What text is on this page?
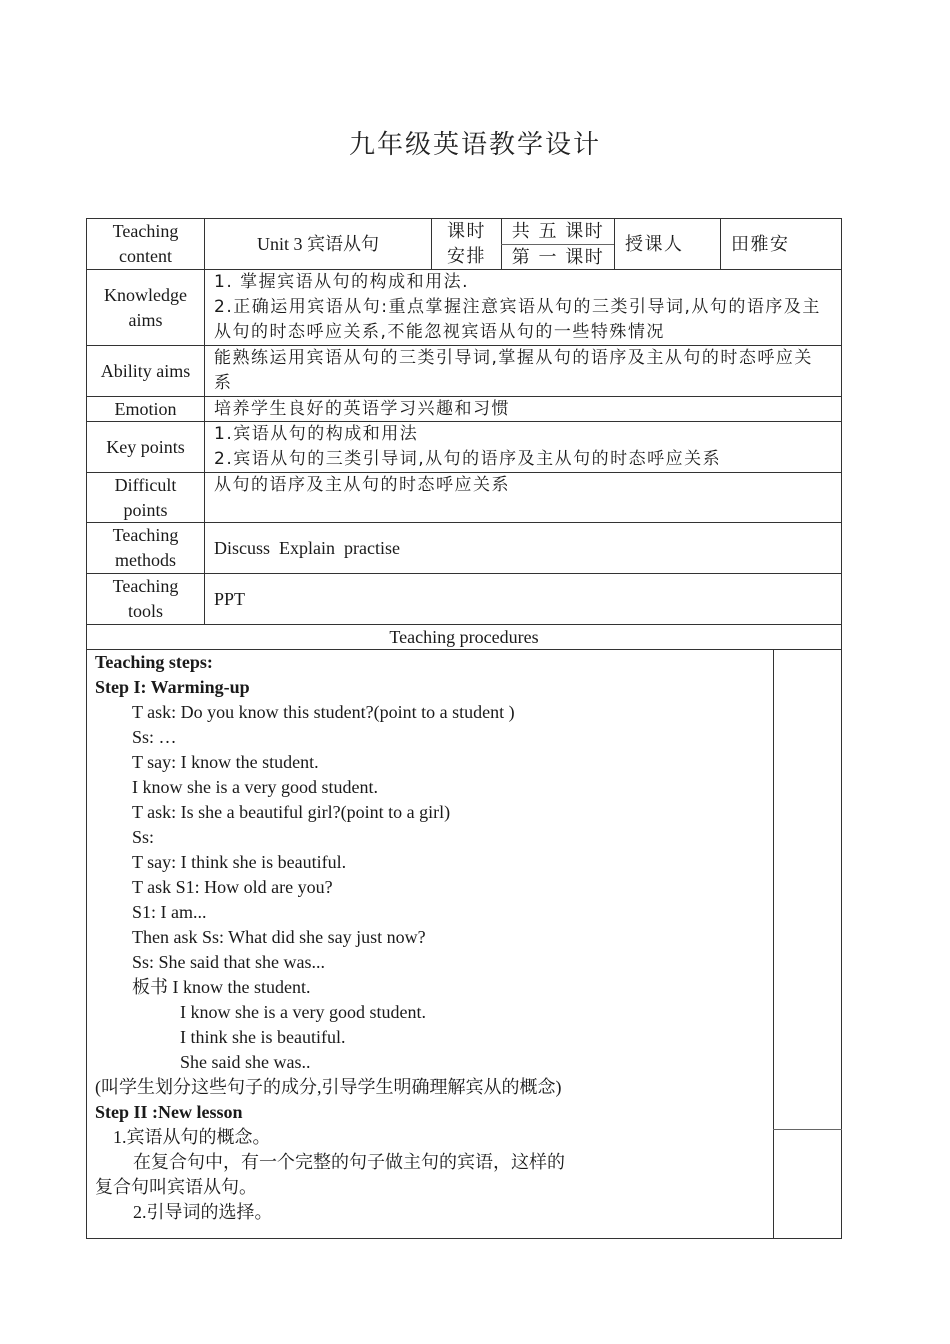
九年级英语教学设计
Teaching
content
Unit 3 宾语从句
课时
安排
共 五 课时
第 一 课时
授课人	田雅安
Knowledge
aims
1. 掌握宾语从句的构成和用法.
2.正确运用宾语从句:重点掌握注意宾语从句的三类引导词,从句的语序及主
从句的时态呼应关系,不能忽视宾语从句的一些特殊情况
Ability aims
能熟练运用宾语从句的三类引导词,掌握从句的语序及主从句的时态呼应关
系
Emotion 培养学生良好的英语学习兴趣和习惯
Key points
1.宾语从句的构成和用法
2.宾语从句的三类引导词,从句的语序及主从句的时态呼应关系
Difficult
points
从句的语序及主从句的时态呼应关系
Teaching
methods
Discuss  Explain  practise
Teaching
tools
PPT
Teaching procedures
Teaching steps:
Step I: Warming-up
T ask: Do you know this student?(point to a student )
Ss: …
T say: I know the student.
I know she is a very good student.
T ask: Is she a beautiful girl?(point to a girl)
Ss:
T say: I think she is beautiful.
T ask S1: How old are you?
S1: I am...
Then ask Ss: What did she say just now?
Ss: She said that she was...
板书 I know the student.
I know she is a very good student.
I think she is beautiful.
She said she was..
(叫学生划分这些句子的成分,引导学生明确理解宾从的概念)
Step II :New lesson
1.宾语从句的概念。
在复合句中，有一个完整的句子做主句的宾语，这样的
复合句叫宾语从句。
2.引导词的选择。
